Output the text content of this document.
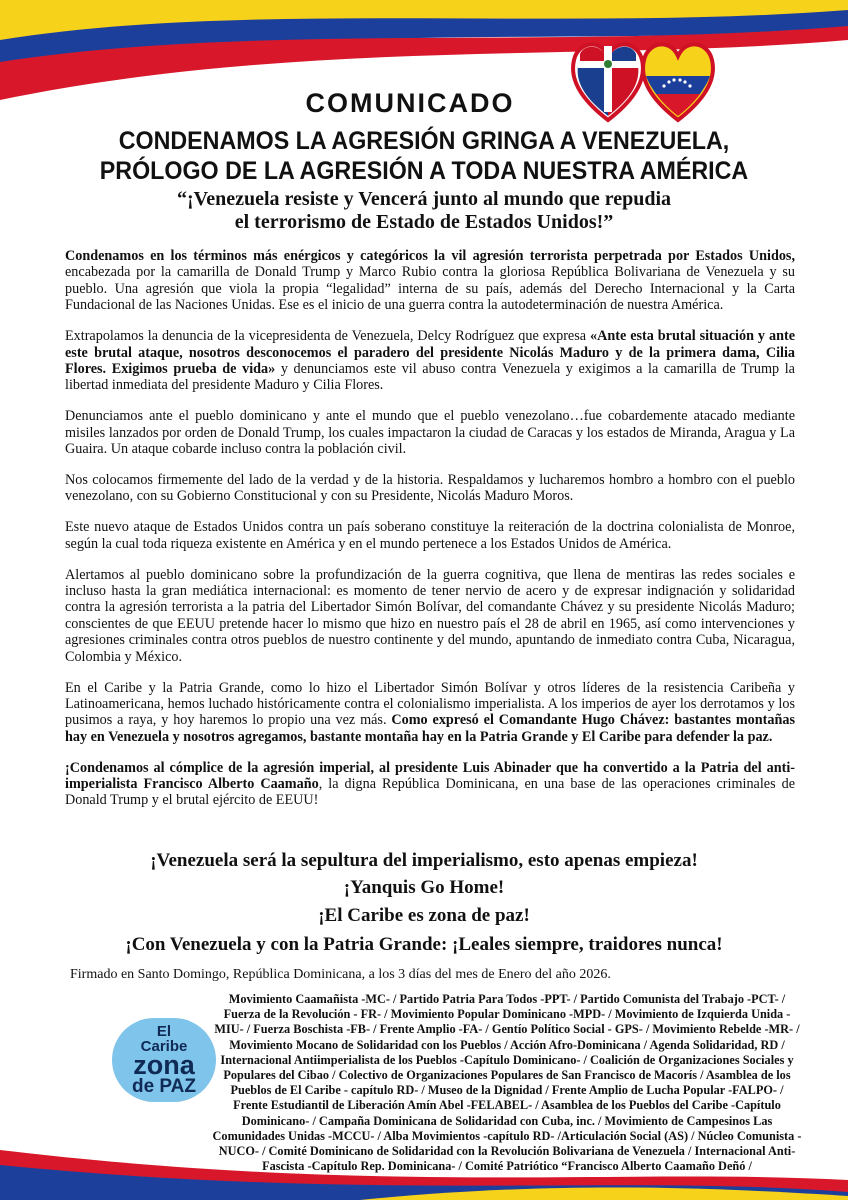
COMUNICADO
CONDENAMOS LA AGRESIÓN GRINGA A VENEZUELA,
PRÓLOGO DE LA AGRESIÓN A TODA NUESTRA AMÉRICA
“¡Venezuela resiste y Vencerá junto al mundo que repudia
el terrorismo de Estado de Estados Unidos!”

Condenamos en los términos más enérgicos y categóricos la vil agresión terrorista perpetrada por Estados Unidos, encabezada por la camarilla de Donald Trump y Marco Rubio contra la gloriosa República Bolivariana de Venezuela y su pueblo. Una agresión que viola la propia “legalidad” interna de su país, además del Derecho Internacional y la Carta Fundacional de las Naciones Unidas. Ese es el inicio de una guerra contra la autodeterminación de nuestra América.

Extrapolamos la denuncia de la vicepresidenta de Venezuela, Delcy Rodríguez que expresa «Ante esta brutal situación y ante este brutal ataque, nosotros desconocemos el paradero del presidente Nicolás Maduro y de la primera dama, Cilia Flores. Exigimos prueba de vida» y denunciamos este vil abuso contra Venezuela y exigimos a la camarilla de Trump la libertad inmediata del presidente Maduro y Cilia Flores.

Denunciamos ante el pueblo dominicano y ante el mundo que el pueblo venezolano…fue cobardemente atacado mediante misiles lanzados por orden de Donald Trump, los cuales impactaron la ciudad de Caracas y los estados de Miranda, Aragua y La Guaira. Un ataque cobarde incluso contra la población civil.

Nos colocamos firmemente del lado de la verdad y de la historia. Respaldamos y lucharemos hombro a hombro con el pueblo venezolano, con su Gobierno Constitucional y con su Presidente, Nicolás Maduro Moros.

Este nuevo ataque de Estados Unidos contra un país soberano constituye la reiteración de la doctrina colonialista de Monroe, según la cual toda riqueza existente en América y en el mundo pertenece a los Estados Unidos de América.

Alertamos al pueblo dominicano sobre la profundización de la guerra cognitiva, que llena de mentiras las redes sociales e incluso hasta la gran mediática internacional: es momento de tener nervio de acero y de expresar indignación y solidaridad contra la agresión terrorista a la patria del Libertador Simón Bolívar, del comandante Chávez y su presidente Nicolás Maduro; conscientes de que EEUU pretende hacer lo mismo que hizo en nuestro país el 28 de abril en 1965, así como intervenciones y agresiones criminales contra otros pueblos de nuestro continente y del mundo, apuntando de inmediato contra Cuba, Nicaragua, Colombia y México.

En el Caribe y la Patria Grande, como lo hizo el Libertador Simón Bolívar y otros líderes de la resistencia Caribeña y Latinoamericana, hemos luchado históricamente contra el colonialismo imperialista. A los imperios de ayer los derrotamos y los pusimos a raya, y hoy haremos lo propio una vez más. Como expresó el Comandante Hugo Chávez: bastantes montañas hay en Venezuela y nosotros agregamos, bastante montaña hay en la Patria Grande y El Caribe para defender la paz.

¡Condenamos al cómplice de la agresión imperial, al presidente Luis Abinader que ha convertido a la Patria del anti-imperialista Francisco Alberto Caamaño, la digna República Dominicana, en una base de las operaciones criminales de Donald Trump y el brutal ejército de EEUU!

¡Venezuela será la sepultura del imperialismo, esto apenas empieza!
¡Yanquis Go Home!
¡El Caribe es zona de paz!
¡Con Venezuela y con la Patria Grande: ¡Leales siempre, traidores nunca!
Firmado en Santo Domingo, República Dominicana, a los 3 días del mes de Enero del año 2026.
El
Caribe
zona
de PAZ
Movimiento Caamañista -MC- / Partido Patria Para Todos -PPT- / Partido Comunista del Trabajo -PCT- / Fuerza de la Revolución - FR- / Movimiento Popular Dominicano -MPD- / Movimiento de Izquierda Unida -MIU- / Fuerza Boschista -FB- / Frente Amplio -FA- / Gentío Político Social - GPS- / Movimiento Rebelde -MR- / Movimiento Mocano de Solidaridad con los Pueblos / Acción Afro-Dominicana / Agenda Solidaridad, RD / Internacional Antiimperialista de los Pueblos -Capítulo Dominicano- / Coalición de Organizaciones Sociales y Populares del Cibao / Colectivo de Organizaciones Populares de San Francisco de Macorís / Asamblea de los Pueblos de El Caribe - capítulo RD- / Museo de la Dignidad / Frente Amplio de Lucha Popular -FALPO- / Frente Estudiantil de Liberación Amín Abel -FELABEL- / Asamblea de los Pueblos del Caribe -Capítulo Dominicano- / Campaña Dominicana de Solidaridad con Cuba, inc. / Movimiento de Campesinos Las Comunidades Unidas -MCCU- / Alba Movimientos -capítulo RD- /Articulación Social (AS) / Núcleo Comunista -NUCO- / Comité Dominicano de Solidaridad con la Revolución Bolivariana de Venezuela / Internacional Anti-Fascista -Capítulo Rep. Dominicana- / Comité Patriótico “Francisco Alberto Caamaño Deñó /
